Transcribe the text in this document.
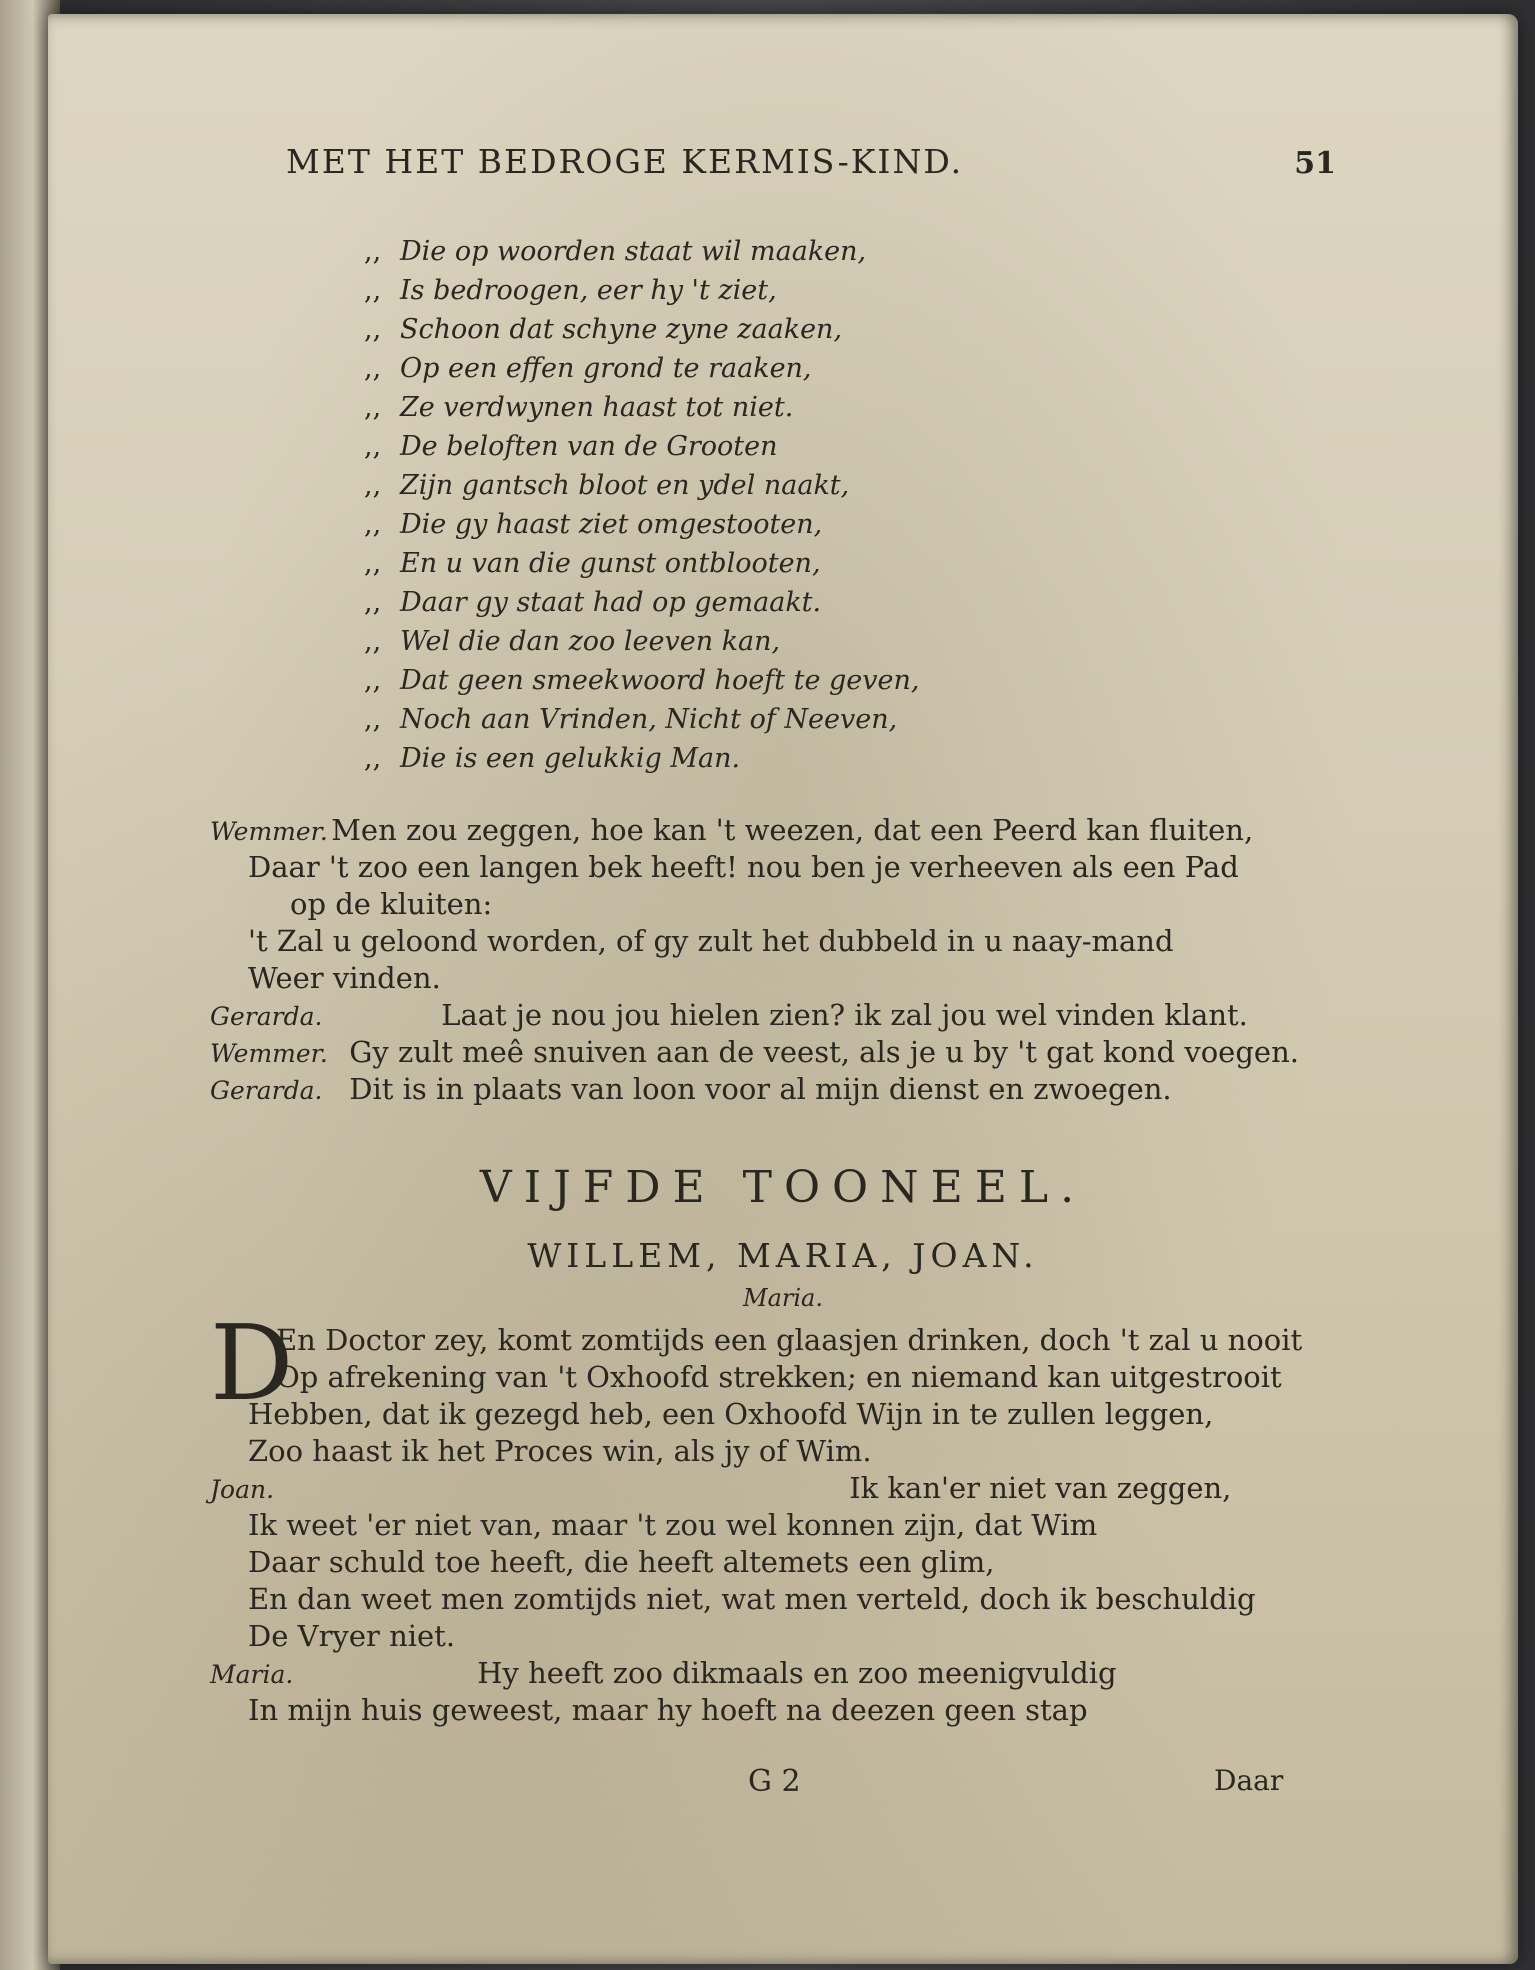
MET HET BEDROGE KERMIS-KIND.	51
,, Die op woorden staat wil maaken,
,, Is bedroogen, eer hy 't ziet,
,, Schoon dat schyne zyne zaaken,
,, Op een effen grond te raaken,
,, Ze verdwynen haast tot niet.
,, De beloften van de Grooten
,, Zijn gantsch bloot en ydel naakt,
,, Die gy haast ziet omgestooten,
,, En u van die gunst ontblooten,
,, Daar gy staat had op gemaakt.
,, Wel die dan zoo leeven kan,
,, Dat geen smeekwoord hoeft te geven,
,, Noch aan Vrinden, Nicht of Neeven,
,, Die is een gelukkig Man.
Wemmer. Men zou zeggen, hoe kan 't weezen, dat een Peerd kan fluiten,
Daar 't zoo een langen bek heeft! nou ben je verheeven als een Pad
op de kluiten:
't Zal u geloond worden, of gy zult het dubbeld in u naay-mand
Weer vinden.
Gerarda.	Laat je nou jou hielen zien? ik zal jou wel vinden klant.
Wemmer. Gy zult meê snuiven aan de veest, als je u by 't gat kond voegen.
Gerarda. Dit is in plaats van loon voor al mijn dienst en zwoegen.
VIJFDE TOONEEL.
WILLEM, MARIA, JOAN.
Maria.
D
En Doctor zey, komt zomtijds een glaasjen drinken, doch 't zal u nooit
Op afrekening van 't Oxhoofd strekken; en niemand kan uitgestrooit
Hebben, dat ik gezegd heb, een Oxhoofd Wijn in te zullen leggen,
Zoo haast ik het Proces win, als jy of Wim.
Joan.	Ik kan'er niet van zeggen,
Ik weet 'er niet van, maar 't zou wel konnen zijn, dat Wim
Daar schuld toe heeft, die heeft altemets een glim,
En dan weet men zomtijds niet, wat men verteld, doch ik beschuldig
De Vryer niet.
Maria.	Hy heeft zoo dikmaals en zoo meenigvuldig
In mijn huis geweest, maar hy hoeft na deezen geen stap
G 2	Daar
